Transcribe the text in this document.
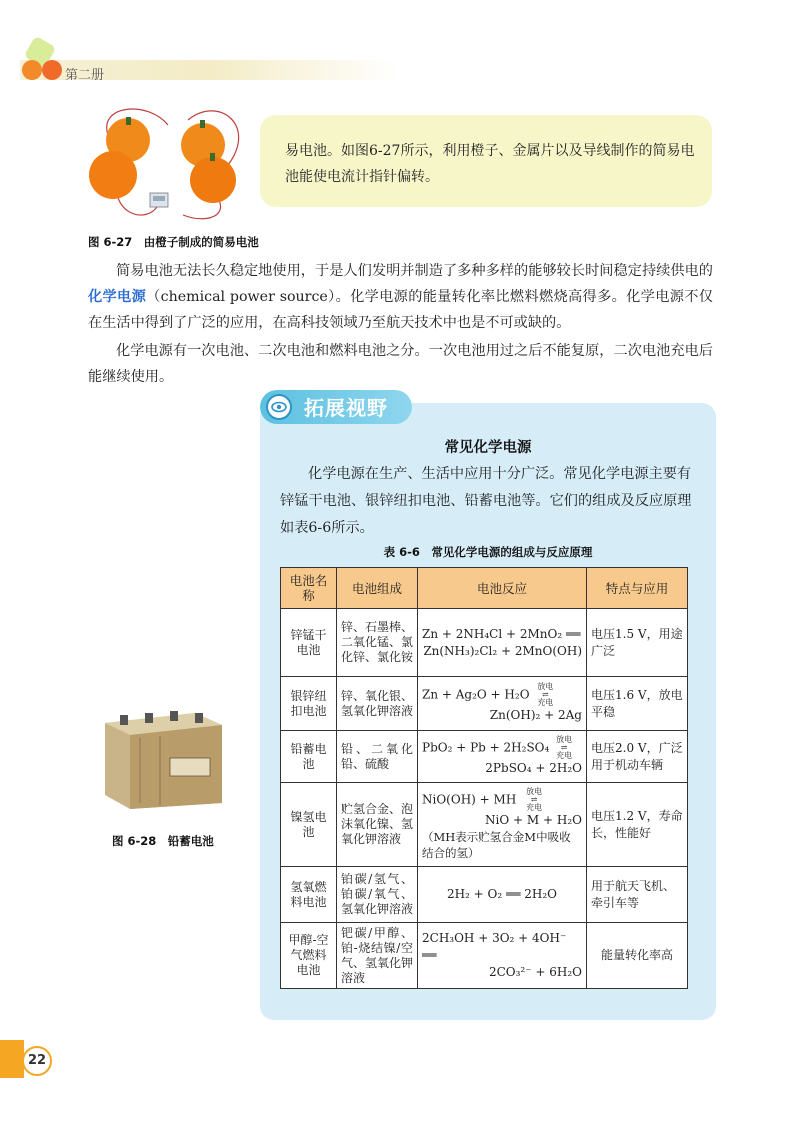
第二册
易电池。如图6-27所示，利用橙子、金属片以及导线制作的简易电池能使电流计指针偏转。
图 6-27　由橙子制成的简易电池
简易电池无法长久稳定地使用，于是人们发明并制造了多种多样的能够较长时间稳定持续供电的化学电源（chemical power source）。化学电源的能量转化率比燃料燃烧高得多。化学电源不仅在生活中得到了广泛的应用，在高科技领域乃至航天技术中也是不可或缺的。
化学电源有一次电池、二次电池和燃料电池之分。一次电池用过之后不能复原，二次电池充电后能继续使用。
拓展视野
常见化学电源
化学电源在生产、生活中应用十分广泛。常见化学电源主要有锌锰干电池、银锌纽扣电池、铅蓄电池等。它们的组成及反应原理如表6-6所示。
表 6-6　常见化学电源的组成与反应原理
电池名称	电池组成	电池反应	特点与应用
锌锰干电池	锌、石墨棒、二氧化锰、氯化锌、氯化铵	Zn + 2NH₄Cl + 2MnO₂ ══
Zn(NH₃)₂Cl₂ + 2MnO(OH)	电压1.5 V，用途广泛
银锌纽扣电池	锌、氧化银、氢氧化钾溶液	Zn + Ag₂O + H₂O 放电
⇌
充电
Zn(OH)₂ + 2Ag	电压1.6 V，放电平稳
铅蓄电池	铅、二氧化铅、硫酸	PbO₂ + Pb + 2H₂SO₄ 放电
⇌
充电
2PbSO₄ + 2H₂O	电压2.0 V，广泛用于机动车辆
镍氢电池	贮氢合金、泡沫氧化镍、氢氧化钾溶液	NiO(OH) + MH 放电
⇌
充电
NiO + M + H₂O
（MH表示贮氢合金M中吸收结合的氢）	电压1.2 V，寿命长，性能好
氢氧燃料电池	铂碳/氢气、铂碳/氧气、氢氧化钾溶液	2H₂ + O₂ ══ 2H₂O	用于航天飞机、牵引车等
甲醇-空气燃料电池	钯碳/甲醇、铂-烧结镍/空气、氢氧化钾溶液	2CH₃OH + 3O₂ + 4OH⁻ ══
2CO₃²⁻ + 6H₂O	能量转化率高
图 6-28　铅蓄电池
22
